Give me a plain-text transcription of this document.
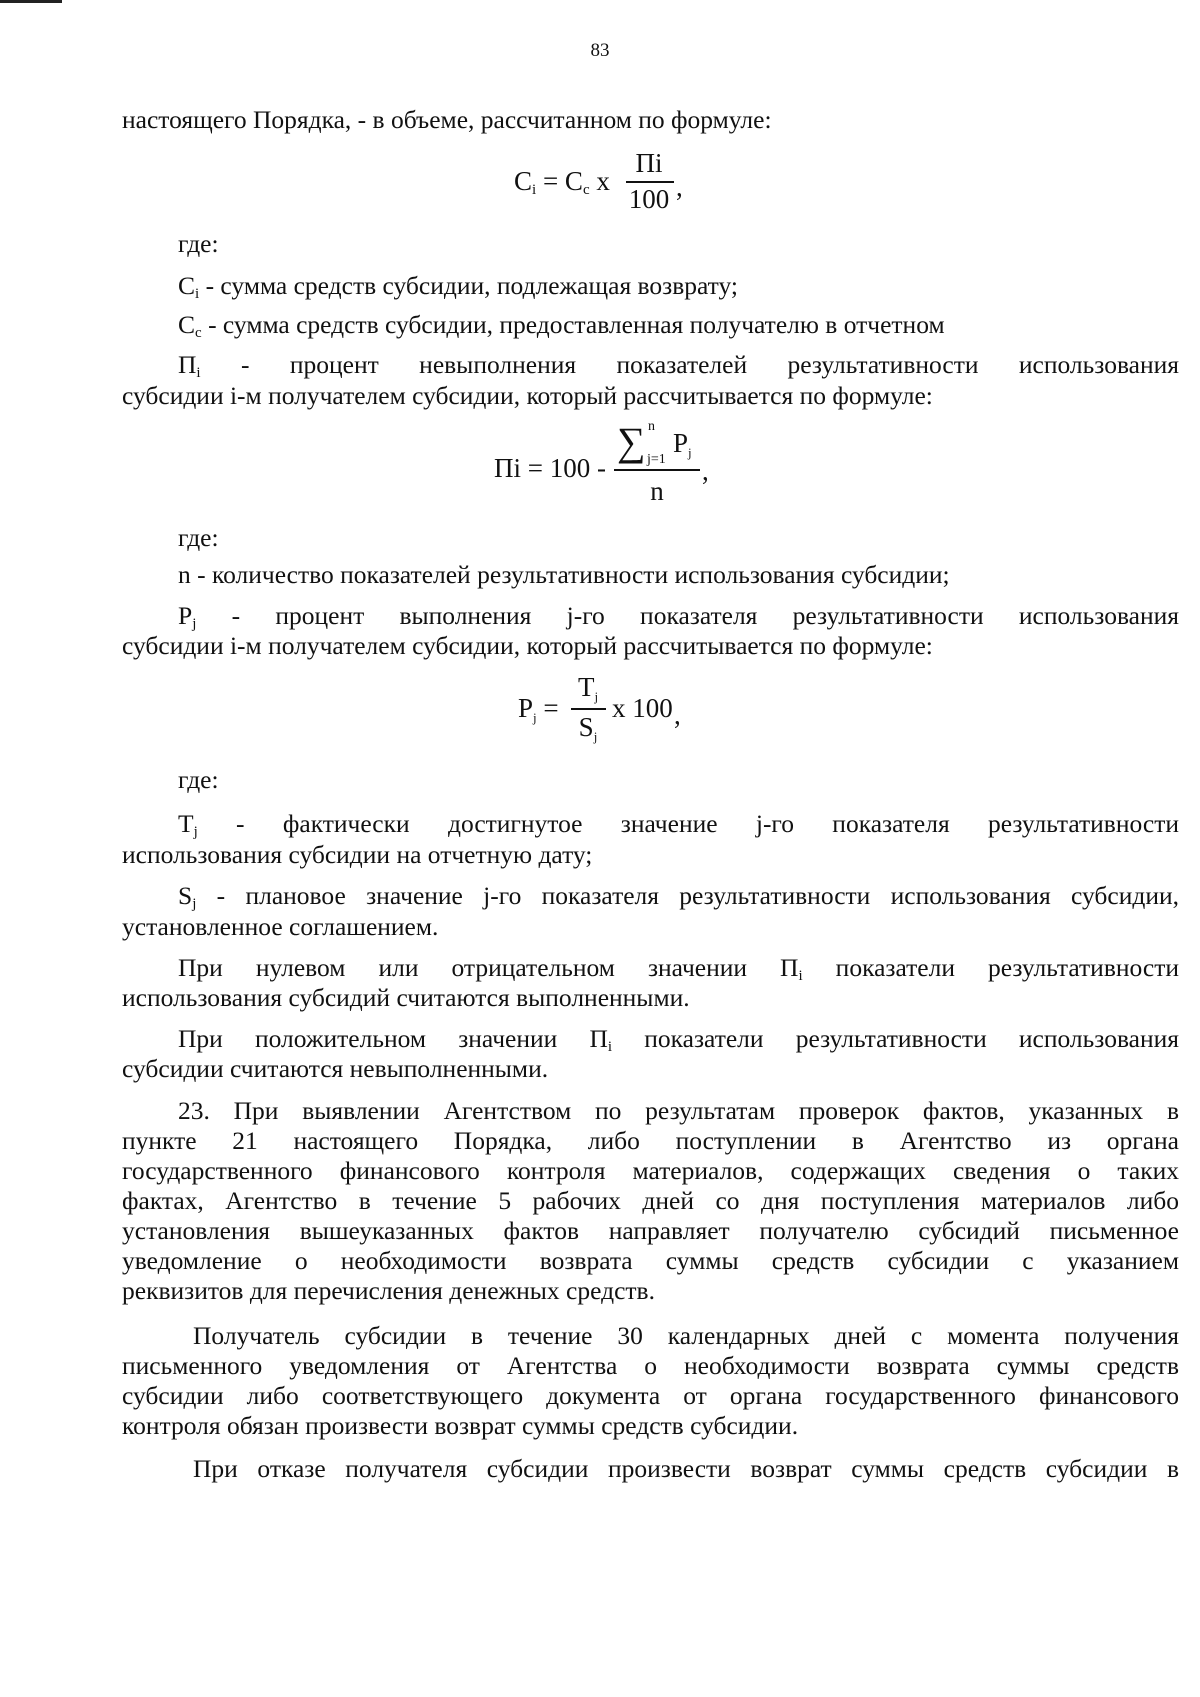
83

настоящего Порядка, - в объеме, рассчитанном по формуле:

$C_i = C_c$ x
Пi
100 ,

где:

$C_i$ - сумма средств субсидии, подлежащая возврату;

$C_c$ - сумма средств субсидии, предоставленная получателю в отчетном

$П_i$ - процент невыполнения показателей результативности использования

субсидии i-м получателем субсидии, который рассчитывается по формуле:

Пi = 100 -
∑ n
j=1
Pj
n
,

где:

n - количество показателей результативности использования субсидии;

$P_j$ - процент выполнения j-го показателя результативности использования

субсидии i-м получателем субсидии, который рассчитывается по формуле:

Pj =
Tj
Sj
x 100 ,

где:

$T_j$ - фактически достигнутое значение j-го показателя результативности

использования субсидии на отчетную дату;

$S_j$ - плановое значение j-го показателя результативности использования субсидии,

установленное соглашением.

При нулевом или отрицательном значении $П_i$ показатели результативности

использования субсидий считаются выполненными.

При положительном значении $П_i$ показатели результативности использования

субсидии считаются невыполненными.

23. При выявлении Агентством по результатам проверок фактов, указанных в

пункте 21 настоящего Порядка, либо поступлении в Агентство из органа

государственного финансового контроля материалов, содержащих сведения о таких

фактах, Агентство в течение 5 рабочих дней со дня поступления материалов либо

установления вышеуказанных фактов направляет получателю субсидий письменное

уведомление о необходимости возврата суммы средств субсидии с указанием

реквизитов для перечисления денежных средств.

Получатель субсидии в течение 30 календарных дней с момента получения

письменного уведомления от Агентства о необходимости возврата суммы средств

субсидии либо соответствующего документа от органа государственного финансового

контроля обязан произвести возврат суммы средств субсидии.

При отказе получателя субсидии произвести возврат суммы средств субсидии в
